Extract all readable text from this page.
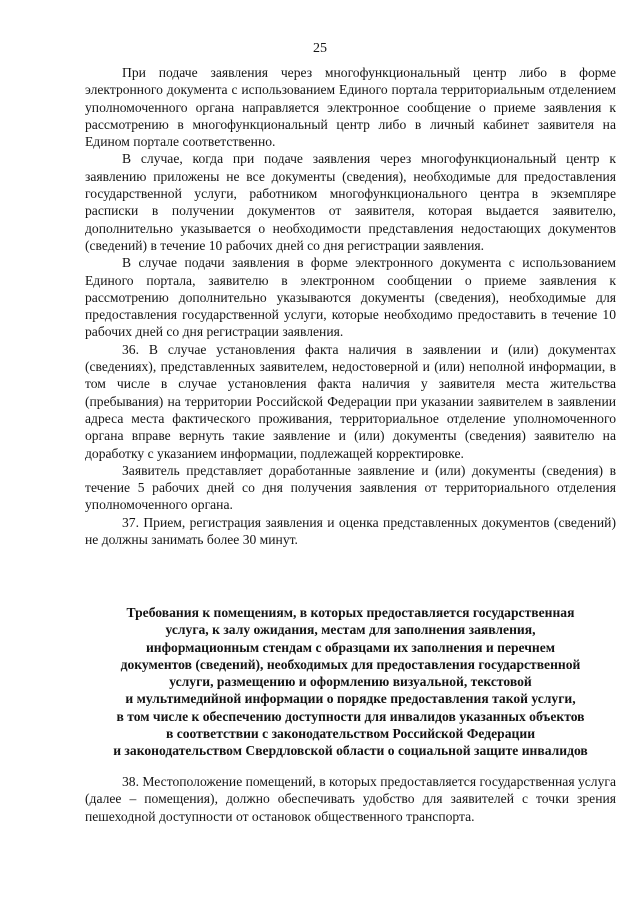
25

При подаче заявления через многофункциональный центр либо в форме электронного документа с использованием Единого портала территориальным отделением уполномоченного органа направляется электронное сообщение о приеме заявления к рассмотрению в многофункциональный центр либо в личный кабинет заявителя на Едином портале соответственно.

В случае, когда при подаче заявления через многофункциональный центр к заявлению приложены не все документы (сведения), необходимые для предоставления государственной услуги, работником многофункционального центра в экземпляре расписки в получении документов от заявителя, которая выдается заявителю, дополнительно указывается о необходимости представления недостающих документов (сведений) в течение 10 рабочих дней со дня регистрации заявления.

В случае подачи заявления в форме электронного документа с использованием Единого портала, заявителю в электронном сообщении о приеме заявления к рассмотрению дополнительно указываются документы (сведения), необходимые для предоставления государственной услуги, которые необходимо предоставить в течение 10 рабочих дней со дня регистрации заявления.

36. В случае установления факта наличия в заявлении и (или) документах (сведениях), представленных заявителем, недостоверной и (или) неполной информации, в том числе в случае установления факта наличия у заявителя места жительства (пребывания) на территории Российской Федерации при указании заявителем в заявлении адреса места фактического проживания, территориальное отделение уполномоченного органа вправе вернуть такие заявление и (или) документы (сведения) заявителю на доработку с указанием информации, подлежащей корректировке.

Заявитель представляет доработанные заявление и (или) документы (сведения) в течение 5 рабочих дней со дня получения заявления от территориального отделения уполномоченного органа.

37. Прием, регистрация заявления и оценка представленных документов (сведений) не должны занимать более 30 минут.

Требования к помещениям, в которых предоставляется государственная
услуга, к залу ожидания, местам для заполнения заявления,
информационным стендам с образцами их заполнения и перечнем
документов (сведений), необходимых для предоставления государственной
услуги, размещению и оформлению визуальной, текстовой
и мультимедийной информации о порядке предоставления такой услуги,
в том числе к обеспечению доступности для инвалидов указанных объектов
в соответствии с законодательством Российской Федерации
и законодательством Свердловской области о социальной защите инвалидов

38. Местоположение помещений, в которых предоставляется государственная услуга (далее – помещения), должно обеспечивать удобство для заявителей с точки зрения пешеходной доступности от остановок общественного транспорта.
